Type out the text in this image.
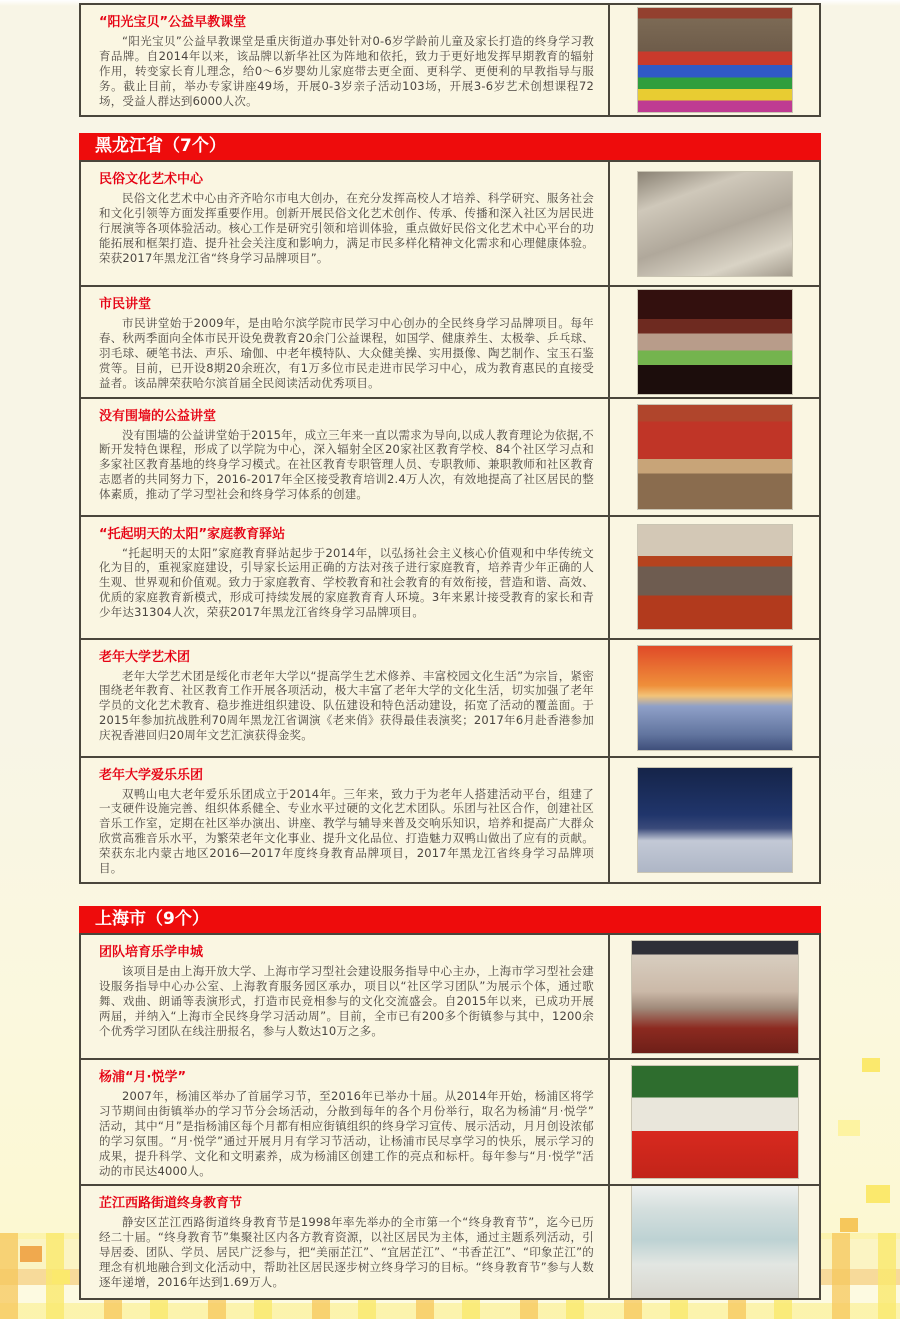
“阳光宝贝”公益早教课堂

“阳光宝贝”公益早教课堂是重庆街道办事处针对0-6岁学龄前儿童及家长打造的终身学习教育品牌。自2014年以来，该品牌以新华社区为阵地和依托，致力于更好地发挥早期教育的辐射作用，转变家长育儿理念，给0～6岁婴幼儿家庭带去更全面、更科学、更便利的早教指导与服务。截止目前，举办专家讲座49场，开展0-3岁亲子活动103场，开展3-6岁艺术创想课程72场，受益人群达到6000人次。

黑龙江省（7个）
民俗文化艺术中心

民俗文化艺术中心由齐齐哈尔市电大创办，在充分发挥高校人才培养、科学研究、服务社会和文化引领等方面发挥重要作用。创新开展民俗文化艺术创作、传承、传播和深入社区为居民进行展演等各项体验活动。核心工作是研究引领和培训体验，重点做好民俗文化艺术中心平台的功能拓展和框架打造、提升社会关注度和影响力，满足市民多样化精神文化需求和心理健康体验。荣获2017年黑龙江省“终身学习品牌项目”。

市民讲堂

市民讲堂始于2009年，是由哈尔滨学院市民学习中心创办的全民终身学习品牌项目。每年春、秋两季面向全体市民开设免费教育20余门公益课程，如国学、健康养生、太极拳、乒乓球、羽毛球、硬笔书法、声乐、瑜伽、中老年模特队、大众健美操、实用摄像、陶艺制作、宝玉石鉴赏等。目前，已开设8期20余班次，有1万多位市民走进市民学习中心，成为教育惠民的直接受益者。该品牌荣获哈尔滨首届全民阅读活动优秀项目。

没有围墙的公益讲堂

没有围墙的公益讲堂始于2015年，成立三年来一直以需求为导向,以成人教育理论为依据,不断开发特色课程，形成了以学院为中心，深入辐射全区20家社区教育学校、84个社区学习点和多家社区教育基地的终身学习模式。在社区教育专职管理人员、专职教师、兼职教师和社区教育志愿者的共同努力下，2016-2017年全区接受教育培训2.4万人次，有效地提高了社区居民的整体素质，推动了学习型社会和终身学习体系的创建。

“托起明天的太阳”家庭教育驿站

“托起明天的太阳”家庭教育驿站起步于2014年，以弘扬社会主义核心价值观和中华传统文化为目的，重视家庭建设，引导家长运用正确的方法对孩子进行家庭教育，培养青少年正确的人生观、世界观和价值观。致力于家庭教育、学校教育和社会教育的有效衔接，营造和谐、高效、优质的家庭教育新模式，形成可持续发展的家庭教育育人环境。3年来累计接受教育的家长和青少年达31304人次，荣获2017年黑龙江省终身学习品牌项目。

老年大学艺术团

老年大学艺术团是绥化市老年大学以“提高学生艺术修养、丰富校园文化生活”为宗旨，紧密围绕老年教育、社区教育工作开展各项活动，极大丰富了老年大学的文化生活，切实加强了老年学员的文化艺术教育、稳步推进组织建设、队伍建设和特色活动建设，拓宽了活动的覆盖面。于2015年参加抗战胜利70周年黑龙江省调演《老来俏》获得最佳表演奖；2017年6月赴香港参加庆祝香港回归20周年文艺汇演获得金奖。

老年大学爱乐乐团

双鸭山电大老年爱乐乐团成立于2014年。三年来，致力于为老年人搭建活动平台，组建了一支硬件设施完善、组织体系健全、专业水平过硬的文化艺术团队。乐团与社区合作，创建社区音乐工作室，定期在社区举办演出、讲座、教学与辅导来普及交响乐知识，培养和提高广大群众欣赏高雅音乐水平，为繁荣老年文化事业、提升文化品位、打造魅力双鸭山做出了应有的贡献。荣获东北内蒙古地区2016—2017年度终身教育品牌项目，2017年黑龙江省终身学习品牌项目。

上海市（9个）
团队培育乐学申城

该项目是由上海开放大学、上海市学习型社会建设服务指导中心主办，上海市学习型社会建设服务指导中心办公室、上海教育服务园区承办，项目以“社区学习团队”为展示个体，通过歌舞、戏曲、朗诵等表演形式，打造市民竞相参与的文化交流盛会。自2015年以来，已成功开展两届，并纳入“上海市全民终身学习活动周”。目前，全市已有200多个街镇参与其中，1200余个优秀学习团队在线注册报名，参与人数达10万之多。

杨浦“月·悦学”

2007年，杨浦区举办了首届学习节，至2016年已举办十届。从2014年开始，杨浦区将学习节期间由街镇举办的学习节分会场活动，分散到每年的各个月份举行，取名为杨浦“月·悦学”活动，其中“月”是指杨浦区每个月都有相应街镇组织的终身学习宣传、展示活动，月月创设浓郁的学习氛围。“月·悦学”通过开展月月有学习节活动，让杨浦市民尽享学习的快乐，展示学习的成果，提升科学、文化和文明素养，成为杨浦区创建工作的亮点和标杆。每年参与“月·悦学”活动的市民达4000人。

芷江西路街道终身教育节

静安区芷江西路街道终身教育节是1998年率先举办的全市第一个“终身教育节”，迄今已历经二十届。“终身教育节”集聚社区内各方教育资源，以社区居民为主体，通过主题系列活动，引导居委、团队、学员、居民广泛参与，把“美丽芷江”、“宜居芷江”、“书香芷江”、“印象芷江”的理念有机地融合到文化活动中，帮助社区居民逐步树立终身学习的目标。“终身教育节”参与人数逐年递增，2016年达到1.69万人。
